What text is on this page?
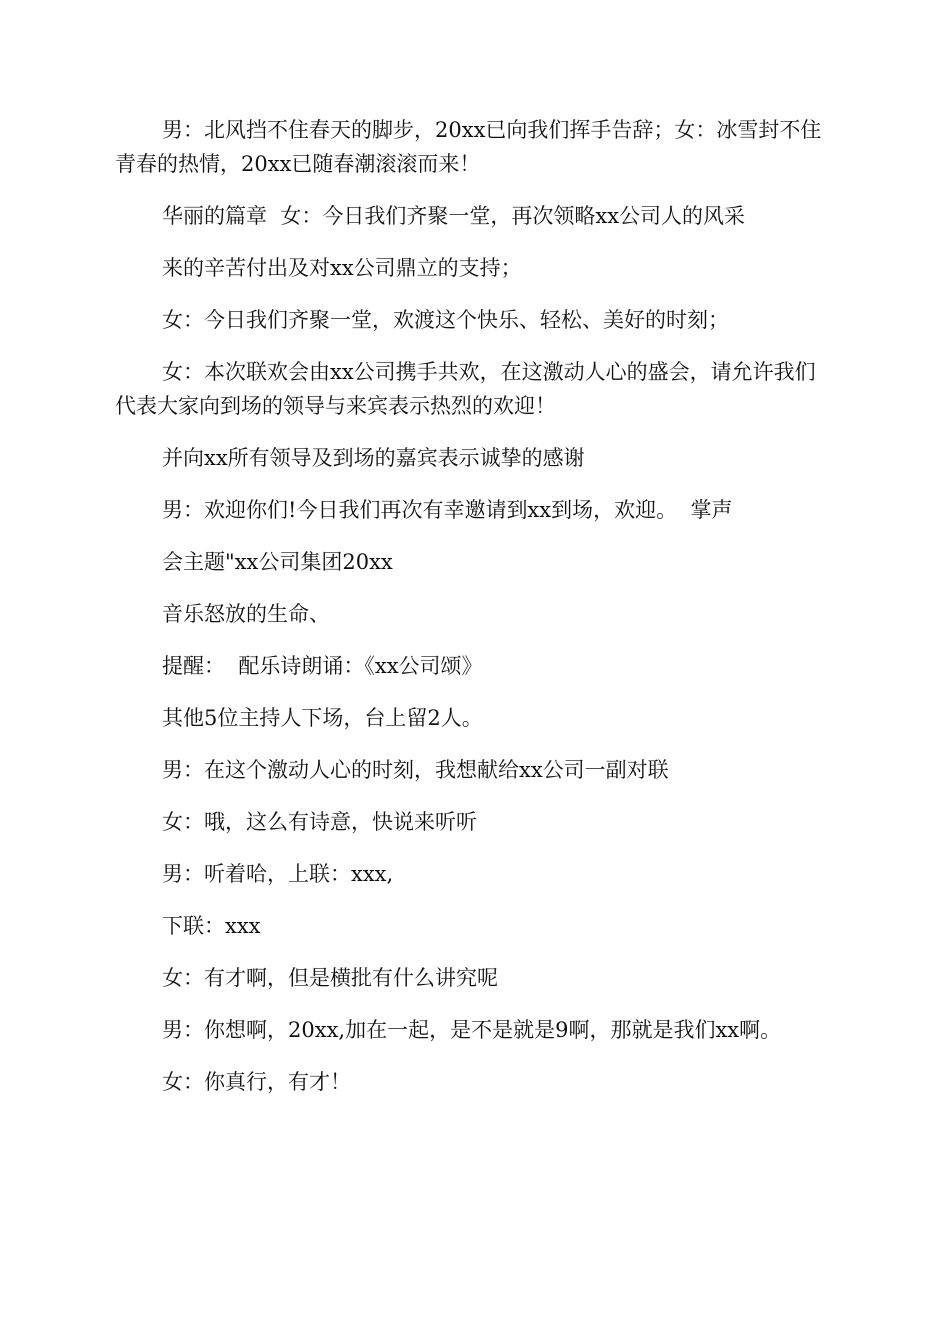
男：北风挡不住春天的脚步，20xx已向我们挥手告辞；女：冰雪封不住青春的热情，20xx已随春潮滚滚而来！

华丽的篇章  女：今日我们齐聚一堂，再次领略xx公司人的风采

来的辛苦付出及对xx公司鼎立的支持；

女：今日我们齐聚一堂，欢渡这个快乐、轻松、美好的时刻；

女：本次联欢会由xx公司携手共欢，在这激动人心的盛会，请允许我们代表大家向到场的领导与来宾表示热烈的欢迎！

并向xx所有领导及到场的嘉宾表示诚挚的感谢

男：欢迎你们!今日我们再次有幸邀请到xx到场，欢迎。  掌声

会主题"xx公司集团20xx

音乐怒放的生命、

提醒：  配乐诗朗诵：《xx公司颂》

其他5位主持人下场，台上留2人。

男：在这个激动人心的时刻，我想献给xx公司一副对联

女：哦，这么有诗意，快说来听听

男：听着哈，上联：xxx,

下联：xxx

女：有才啊，但是横批有什么讲究呢

男：你想啊，20xx,加在一起，是不是就是9啊，那就是我们xx啊。

女：你真行，有才！
